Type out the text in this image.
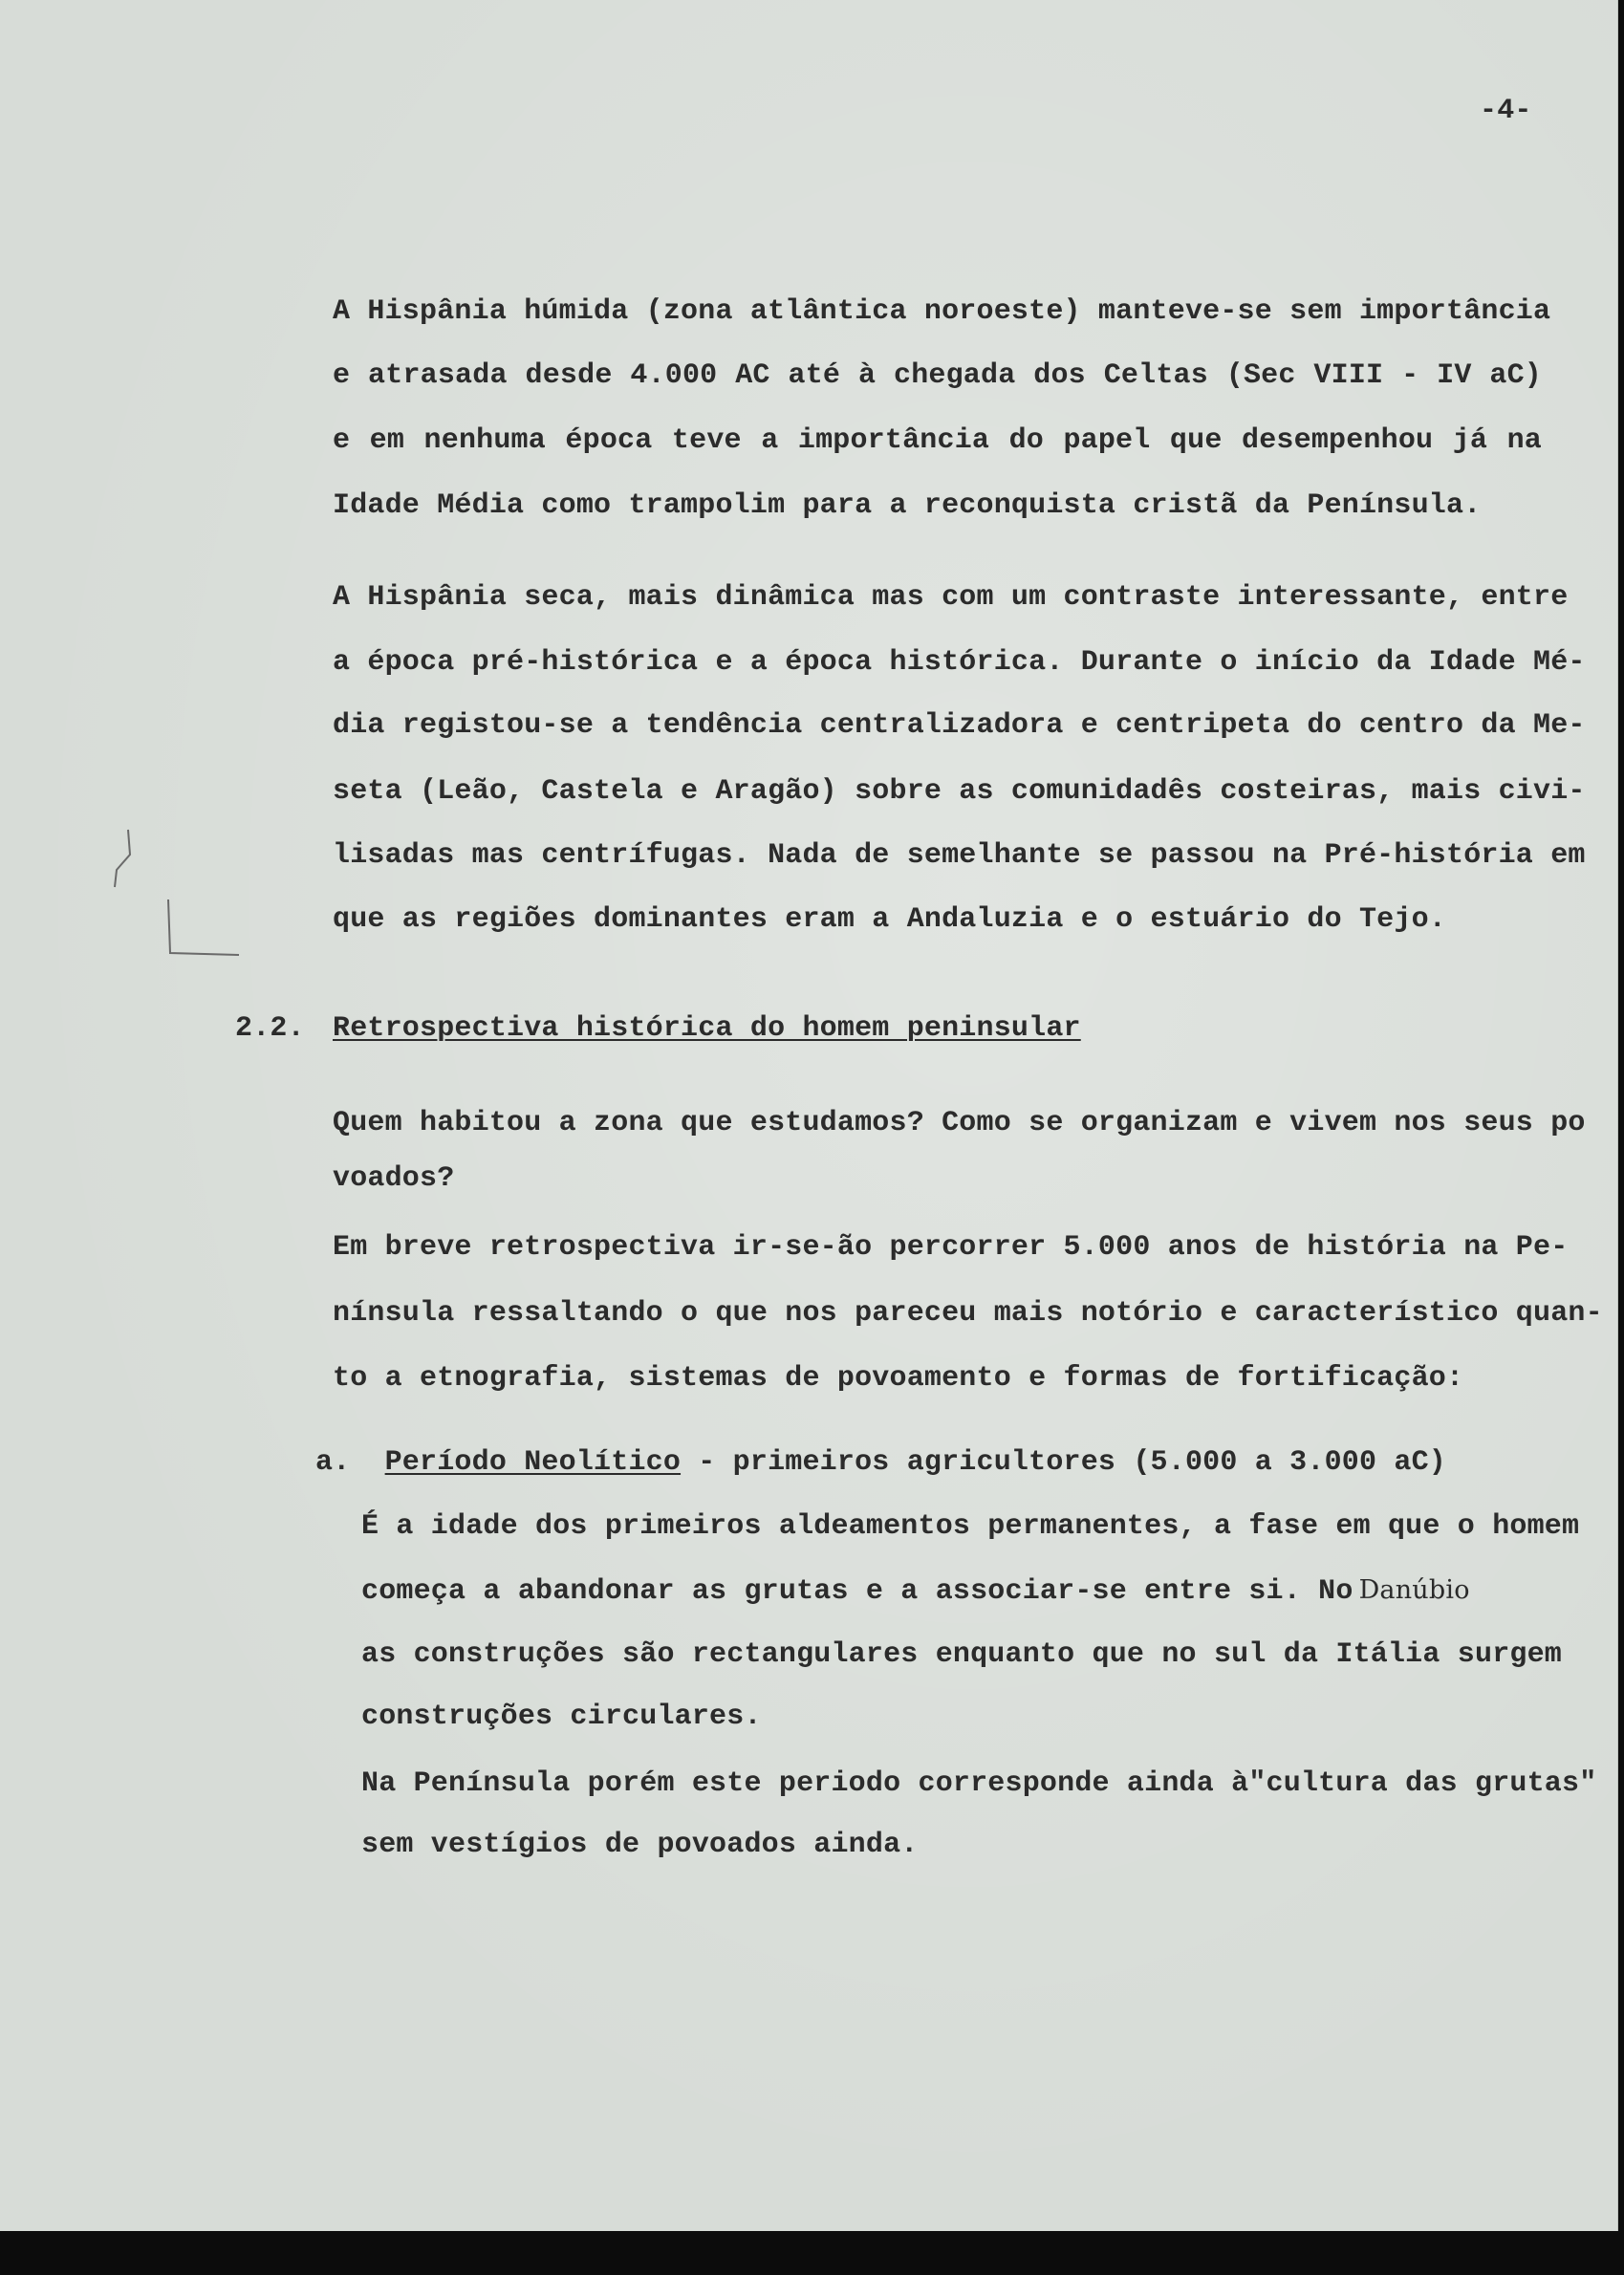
-4-
A Hispânia húmida (zona atlântica noroeste) manteve-se sem importância
e atrasada desde 4.000 AC até à chegada dos Celtas (Sec VIII - IV aC)
e em nenhuma época teve a importância do papel que desempenhou já na
Idade Média como trampolim para a reconquista cristã da Península.
A Hispânia seca, mais dinâmica mas com um contraste interessante, entre
a época pré-histórica e a época histórica. Durante o início da Idade Mé-
dia registou-se a tendência centralizadora e centripeta do centro da Me-
seta (Leão, Castela e Aragão) sobre as comunidadês costeiras, mais civi-
lisadas mas centrífugas. Nada de semelhante se passou na Pré-história em
que as regiões dominantes eram a Andaluzia e o estuário do Tejo.
2.2. Retrospectiva histórica do homem peninsular
Quem habitou a zona que estudamos? Como se organizam e vivem nos seus po
voados?
Em breve retrospectiva ir-se-ão percorrer 5.000 anos de história na Pe-
nínsula ressaltando o que nos pareceu mais notório e característico quan-
to a etnografia, sistemas de povoamento e formas de fortificação:
a. Período Neolítico - primeiros agricultores (5.000 a 3.000 aC)
É a idade dos primeiros aldeamentos permanentes, a fase em que o homem
começa a abandonar as grutas e a associar-se entre si. No Danúbio
as construções são rectangulares enquanto que no sul da Itália surgem
construções circulares.
Na Península porém este periodo corresponde ainda à"cultura das grutas"
sem vestígios de povoados ainda.
